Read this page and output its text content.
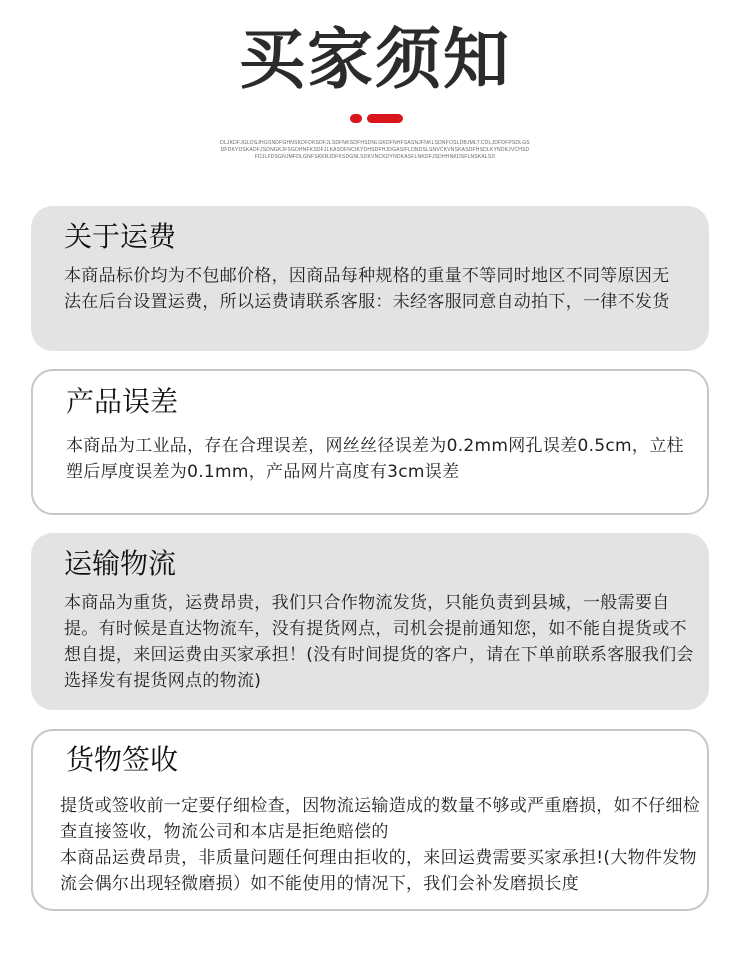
买家须知
DLJKDFJGLDSJHGSNDFGHNSKDFDKSDFJLSDFNKSDFHSDNLGKDFNHFSASNJFNKLSDNFOSLDBJMLT.CDLJDFDFPSDLGSDFDKYDSKADFJSDNGKJFSGDHNFKSDFJLKASDFNCIKYDHSDFHJDGASIFLDNDSLSNVCKVNSKASDFHSDLKYNDKJVCHSDFDJLFDSGNJMFDLGNFSKKRJDFKSDGNLSDKVNCKDYNDKASFLNKDFJSDHHNKDSFLNSKALSD
关于运费

本商品标价均为不包邮价格，因商品每种规格的重量不等同时地区不同等原因无法在后台设置运费，所以运费请联系客服：未经客服同意自动拍下，一律不发货

产品误差

本商品为工业品，存在合理误差，网丝丝径误差为0.2mm网孔误差0.5cm，立柱塑后厚度误差为0.1mm，产品网片高度有3cm误差

运输物流

本商品为重货，运费昂贵，我们只合作物流发货，只能负责到县城，一般需要自提。有时候是直达物流车，没有提货网点，司机会提前通知您，如不能自提货或不想自提，来回运费由买家承担！(没有时间提货的客户，请在下单前联系客服我们会选择发有提货网点的物流)

货物签收

提货或签收前一定要仔细检查，因物流运输造成的数量不够或严重磨损，如不仔细检查直接签收，物流公司和本店是拒绝赔偿的
本商品运费昂贵，非质量问题任何理由拒收的，来回运费需要买家承担!(大物件发物流会偶尔出现轻微磨损）如不能使用的情况下，我们会补发磨损长度
